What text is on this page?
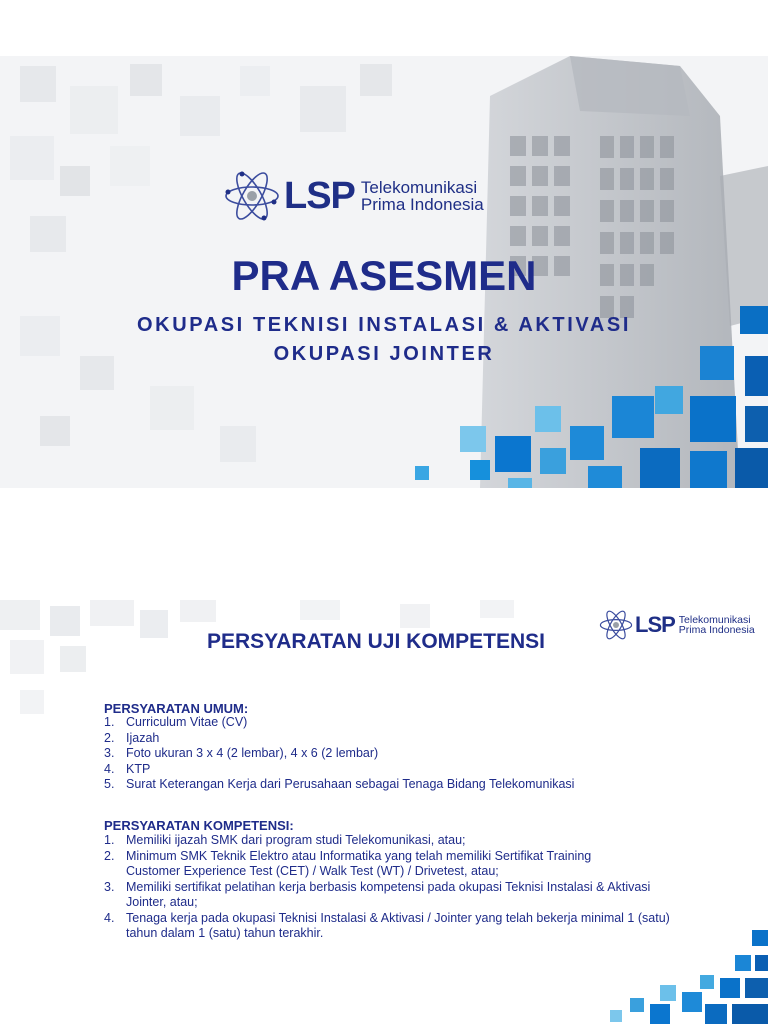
LSP Telekomunikasi
Prima Indonesia
PRA ASESMEN
OKUPASI TEKNISI INSTALASI & AKTIVASI
OKUPASI JOINTER
LSP Telekomunikasi
Prima Indonesia
PERSYARATAN UJI KOMPETENSI
PERSYARATAN UMUM:
1. Curriculum Vitae (CV)
2. Ijazah
3. Foto ukuran 3 x 4 (2 lembar), 4 x 6 (2 lembar)
4. KTP
5. Surat Keterangan Kerja dari Perusahaan sebagai Tenaga Bidang Telekomunikasi
PERSYARATAN KOMPETENSI:
1. Memiliki ijazah SMK dari program studi Telekomunikasi, atau;
2. Minimum SMK Teknik Elektro atau Informatika yang telah memiliki Sertifikat Training Customer Experience Test (CET) / Walk Test (WT) / Drivetest, atau;
3. Memiliki sertifikat pelatihan kerja berbasis kompetensi pada okupasi Teknisi Instalasi & Aktivasi Jointer, atau;
4. Tenaga kerja pada okupasi Teknisi Instalasi & Aktivasi / Jointer yang telah bekerja minimal 1 (satu) tahun dalam 1 (satu) tahun terakhir.
